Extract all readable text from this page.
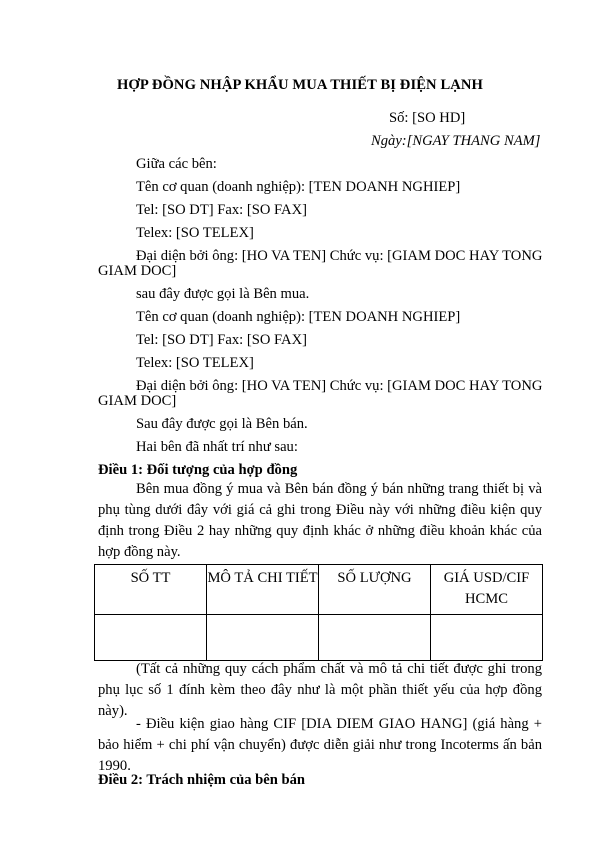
HỢP ĐỒNG NHẬP KHẨU MUA THIẾT BỊ ĐIỆN LẠNH
Số: [SO HD]
Ngày:[NGAY THANG NAM]
Giữa các bên:
Tên cơ quan (doanh nghiệp): [TEN DOANH NGHIEP]
Tel: [SO DT] Fax: [SO FAX]
Telex: [SO TELEX]
Đại diện bởi ông: [HO VA TEN] Chức vụ: [GIAM DOC HAY TONG
GIAM DOC]
sau đây được gọi là Bên mua.
Tên cơ quan (doanh nghiệp): [TEN DOANH NGHIEP]
Tel: [SO DT] Fax: [SO FAX]
Telex: [SO TELEX]
Đại diện bởi ông: [HO VA TEN] Chức vụ: [GIAM DOC HAY TONG
GIAM DOC]
Sau đây được gọi là Bên bán.
Hai bên đã nhất trí như sau:
Điều 1: Đối tượng của hợp đồng
Bên mua đồng ý mua và Bên bán đồng ý bán những trang thiết bị và phụ tùng dưới đây với giá cả ghi trong Điều này với những điều kiện quy định trong Điều 2 hay những quy định khác ở những điều khoản khác của hợp đồng này.
SỐ TT	MÔ TẢ CHI TIẾT	SỐ LƯỢNG	GIÁ USD/CIF
HCMC

(Tất cả những quy cách phẩm chất và mô tả chi tiết được ghi trong phụ lục số 1 đính kèm theo đây như là một phần thiết yếu của hợp đồng này).
- Điều kiện giao hàng CIF [DIA DIEM GIAO HANG] (giá hàng + bảo hiểm + chi phí vận chuyển) được diễn giải như trong Incoterms ấn bản 1990.
Điều 2: Trách nhiệm của bên bán
